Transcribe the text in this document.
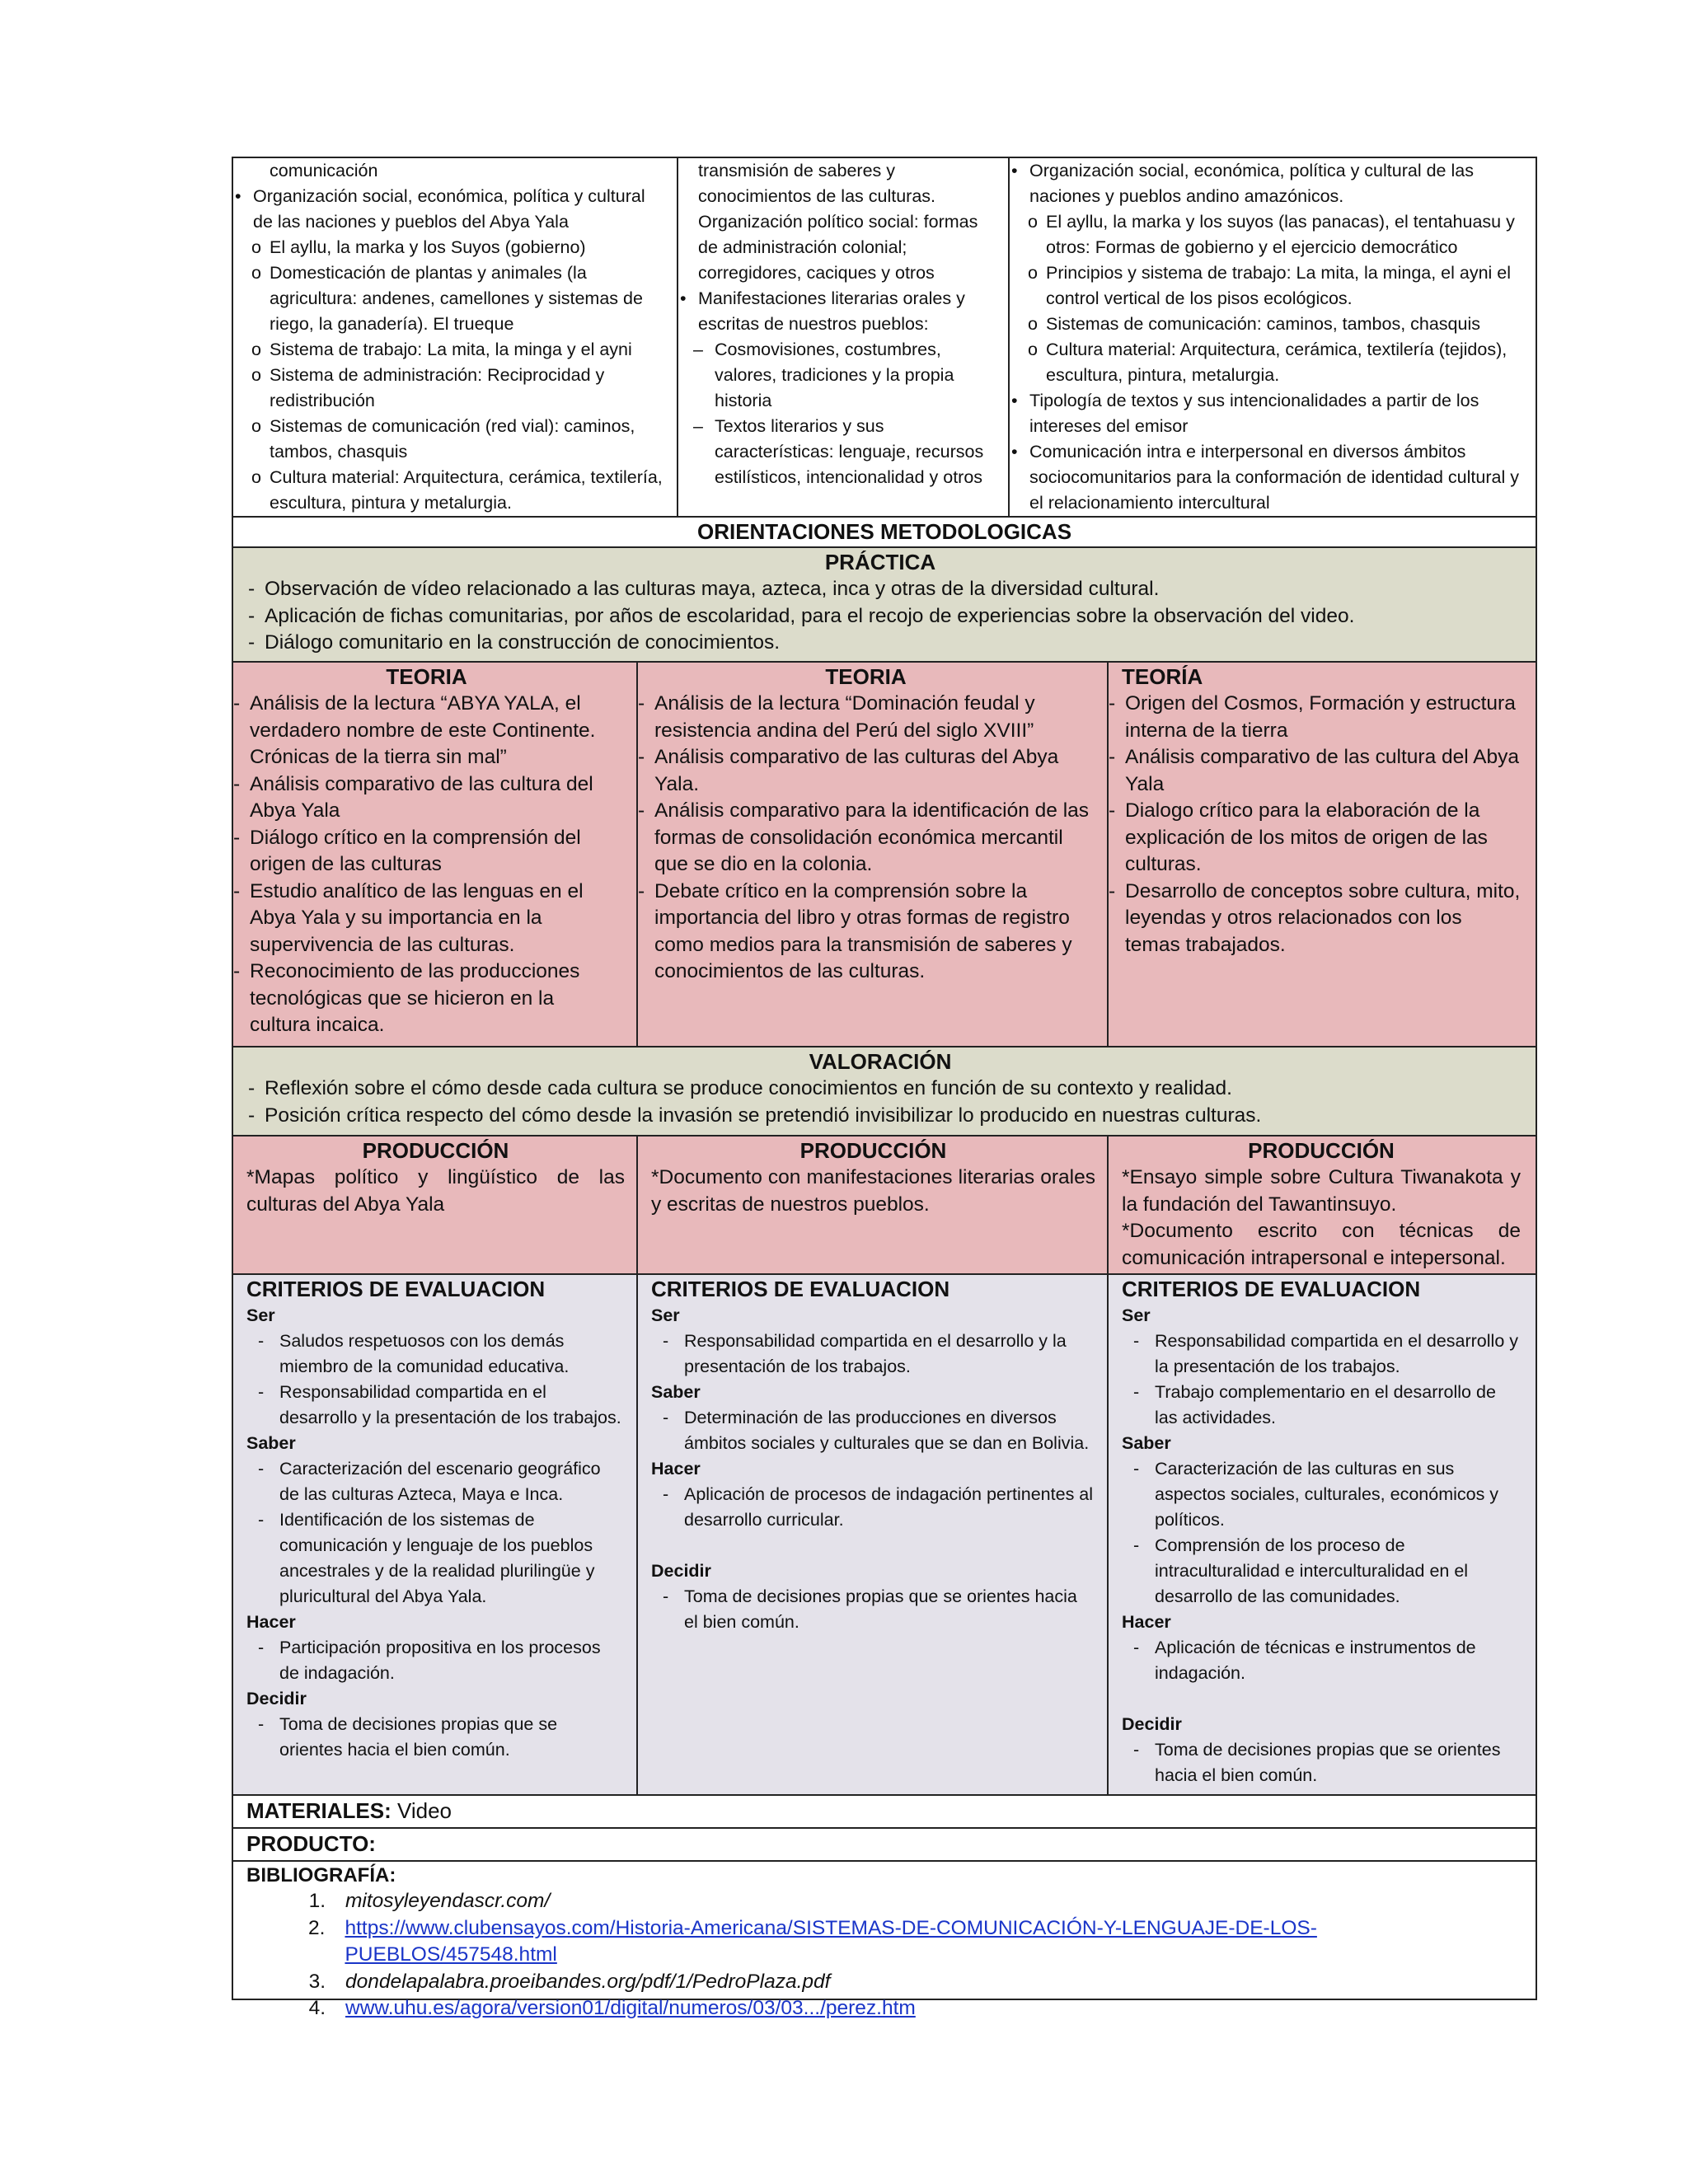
comunicación
• Organización social, económica, política y cultural de las naciones y pueblos del Abya Yala
o El ayllu, la marka y los Suyos (gobierno)
o Domesticación de plantas y animales (la agricultura: andenes, camellones y sistemas de riego, la ganadería). El trueque
o Sistema de trabajo: La mita, la minga y el ayni
o Sistema de administración: Reciprocidad y redistribución
o Sistemas de comunicación (red vial): caminos, tambos, chasquis
o Cultura material: Arquitectura, cerámica, textilería, escultura, pintura y metalurgia.
transmisión de saberes y conocimientos de las culturas.
Organización político social: formas de administración colonial; corregidores, caciques y otros
• Manifestaciones literarias orales y escritas de nuestros pueblos:
– Cosmovisiones, costumbres, valores, tradiciones y la propia historia
– Textos literarios y sus características: lenguaje, recursos estilísticos, intencionalidad y otros
• Organización social, económica, política y cultural de las naciones y pueblos andino amazónicos.
o El ayllu, la marka y los suyos (las panacas), el tentahuasu y otros: Formas de gobierno y el ejercicio democrático
o Principios y sistema de trabajo: La mita, la minga, el ayni el control vertical de los pisos ecológicos.
o Sistemas de comunicación: caminos, tambos, chasquis
o Cultura material: Arquitectura, cerámica, textilería (tejidos), escultura, pintura, metalurgia.
• Tipología de textos y sus intencionalidades a partir de los intereses del emisor
• Comunicación intra e interpersonal en diversos ámbitos sociocomunitarios para la conformación de identidad cultural y el relacionamiento intercultural
ORIENTACIONES METODOLOGICAS
PRÁCTICA
- Observación de vídeo relacionado a las culturas maya, azteca, inca y otras de la diversidad cultural.
- Aplicación de fichas comunitarias, por años de escolaridad, para el recojo de experiencias sobre la observación del video.
- Diálogo comunitario en la construcción de conocimientos.
TEORIA
- Análisis de la lectura “ABYA YALA, el verdadero nombre de este Continente. Crónicas de la tierra sin mal”
- Análisis comparativo de las cultura del Abya Yala
- Diálogo crítico en la comprensión del origen de las culturas
- Estudio analítico de las lenguas en el Abya Yala y su importancia en la supervivencia de las culturas.
- Reconocimiento de las producciones tecnológicas que se hicieron en la cultura incaica.
TEORIA
- Análisis de la lectura “Dominación feudal y resistencia andina del Perú del siglo XVIII”
- Análisis comparativo de las culturas del Abya Yala.
- Análisis comparativo para la identificación de las formas de consolidación económica mercantil que se dio en la colonia.
- Debate crítico en la comprensión sobre la importancia del libro y otras formas de registro como medios para la transmisión de saberes y conocimientos de las culturas.
TEORÍA
- Origen del Cosmos, Formación y estructura interna de la tierra
- Análisis comparativo de las cultura del Abya Yala
- Dialogo crítico para la elaboración de la explicación de los mitos de origen de las culturas.
- Desarrollo de conceptos sobre cultura, mito, leyendas y otros relacionados con los temas trabajados.
VALORACIÓN
- Reflexión sobre el cómo desde cada cultura se produce conocimientos en función de su contexto y realidad.
- Posición crítica respecto del cómo desde la invasión se pretendió invisibilizar lo producido en nuestras culturas.
PRODUCCIÓN
*Mapas político y lingüístico de las culturas del Abya Yala
PRODUCCIÓN
*Documento con manifestaciones literarias orales y escritas de nuestros pueblos.
PRODUCCIÓN
*Ensayo simple sobre Cultura Tiwanakota y la fundación del Tawantinsuyo.
*Documento escrito con técnicas de comunicación intrapersonal e intepersonal.
CRITERIOS DE EVALUACION
Ser
- Saludos respetuosos con los demás miembro de la comunidad educativa.
- Responsabilidad compartida en el desarrollo y la presentación de los trabajos.
Saber
- Caracterización del escenario geográfico de las culturas Azteca, Maya e Inca.
- Identificación de los sistemas de comunicación y lenguaje de los pueblos ancestrales y de la realidad plurilingüe y pluricultural del Abya Yala.
Hacer
- Participación propositiva en los procesos de indagación.
Decidir
- Toma de decisiones propias que se orientes hacia el bien común.
CRITERIOS DE EVALUACION
Ser
- Responsabilidad compartida en el desarrollo y la presentación de los trabajos.
Saber
- Determinación de las producciones en diversos ámbitos sociales y culturales que se dan en Bolivia.
Hacer
- Aplicación de procesos de indagación pertinentes al desarrollo curricular.
Decidir
- Toma de decisiones propias que se orientes hacia el bien común.
CRITERIOS DE EVALUACION
Ser
- Responsabilidad compartida en el desarrollo y la presentación de los trabajos.
- Trabajo complementario en el desarrollo de las actividades.
Saber
- Caracterización de las culturas en sus aspectos sociales, culturales, económicos y políticos.
- Comprensión de los proceso de intraculturalidad e interculturalidad en el desarrollo de las comunidades.
Hacer
- Aplicación de técnicas e instrumentos de indagación.
Decidir
- Toma de decisiones propias que se orientes hacia el bien común.
MATERIALES: Video
PRODUCTO:
BIBLIOGRAFÍA:
1. mitosyleyendascr.com/
2. https://www.clubensayos.com/Historia-Americana/SISTEMAS-DE-COMUNICACIÓN-Y-LENGUAJE-DE-LOS-PUEBLOS/457548.html
3. dondelapalabra.proeibandes.org/pdf/1/PedroPlaza.pdf
4. www.uhu.es/agora/version01/digital/numeros/03/03.../perez.htm
